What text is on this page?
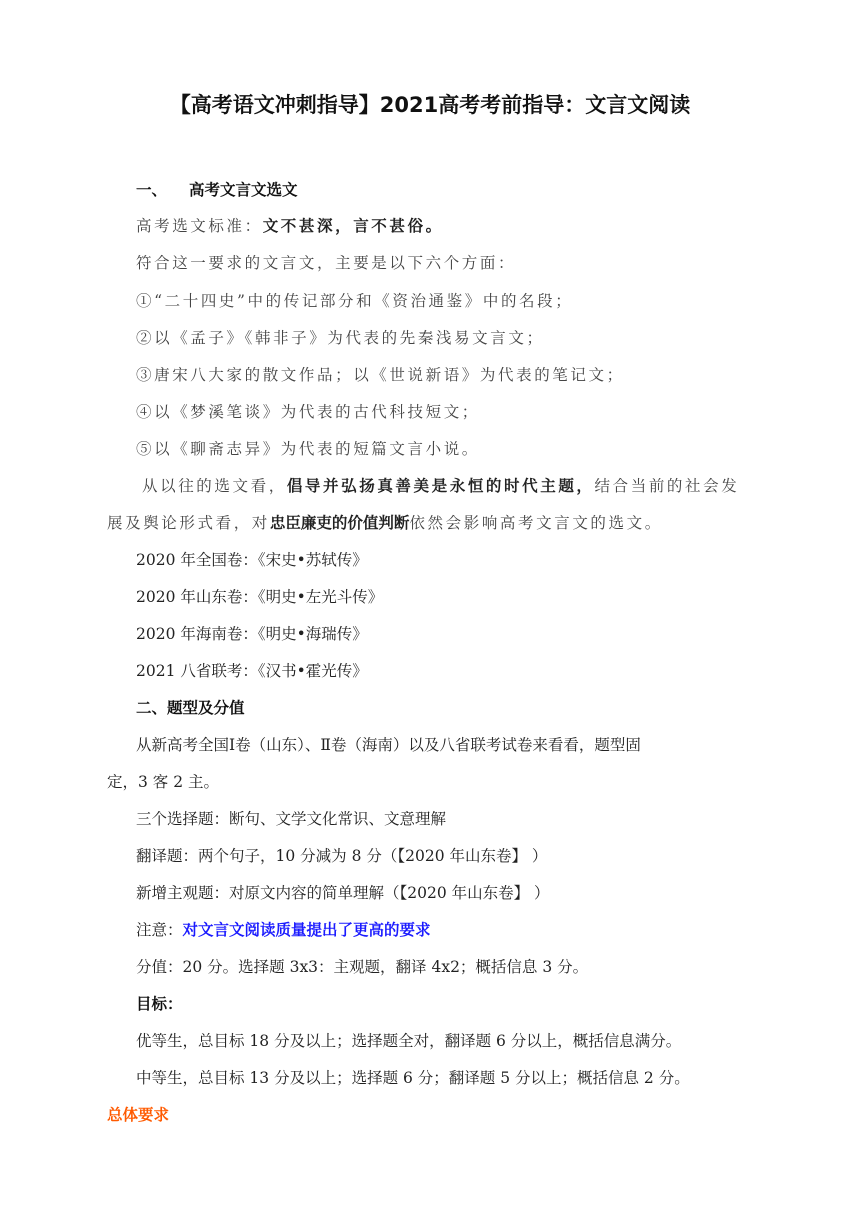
【高考语文冲刺指导】2021高考考前指导：文言文阅读
一、 高考文言文选文
高考选文标准：文不甚深，言不甚俗。
符合这一要求的文言文，主要是以下六个方面：
①“二十四史”中的传记部分和《资治通鉴》中的名段；
②以《孟子》《韩非子》为代表的先秦浅易文言文；
③唐宋八大家的散文作品；以《世说新语》为代表的笔记文；
④以《梦溪笔谈》为代表的古代科技短文；
⑤以《聊斋志异》为代表的短篇文言小说。
从以往的选文看，倡导并弘扬真善美是永恒的时代主题，结合当前的社会发
展及舆论形式看，对忠臣廉吏的价值判断依然会影响高考文言文的选文。
2020 年全国卷：《宋史•苏轼传》
2020 年山东卷：《明史•左光斗传》
2020 年海南卷：《明史•海瑞传》
2021 八省联考：《汉书•霍光传》
二、题型及分值
从新高考全国Ⅰ卷（山东）、Ⅱ卷（海南）以及八省联考试卷来看看，题型固
定，3 客 2 主。
三个选择题：断句、文学文化常识、文意理解
翻译题：两个句子，10 分减为 8 分（【2020 年山东卷】 ）
新增主观题：对原文内容的简单理解（【2020 年山东卷】 ）
注意：对文言文阅读质量提出了更高的要求
分值：20 分。选择题 3x3：主观题，翻译 4x2；概括信息 3 分。
目标：
优等生，总目标 18 分及以上；选择题全对，翻译题 6 分以上，概括信息满分。
中等生，总目标 13 分及以上；选择题 6 分；翻译题 5 分以上；概括信息 2 分。
总体要求
